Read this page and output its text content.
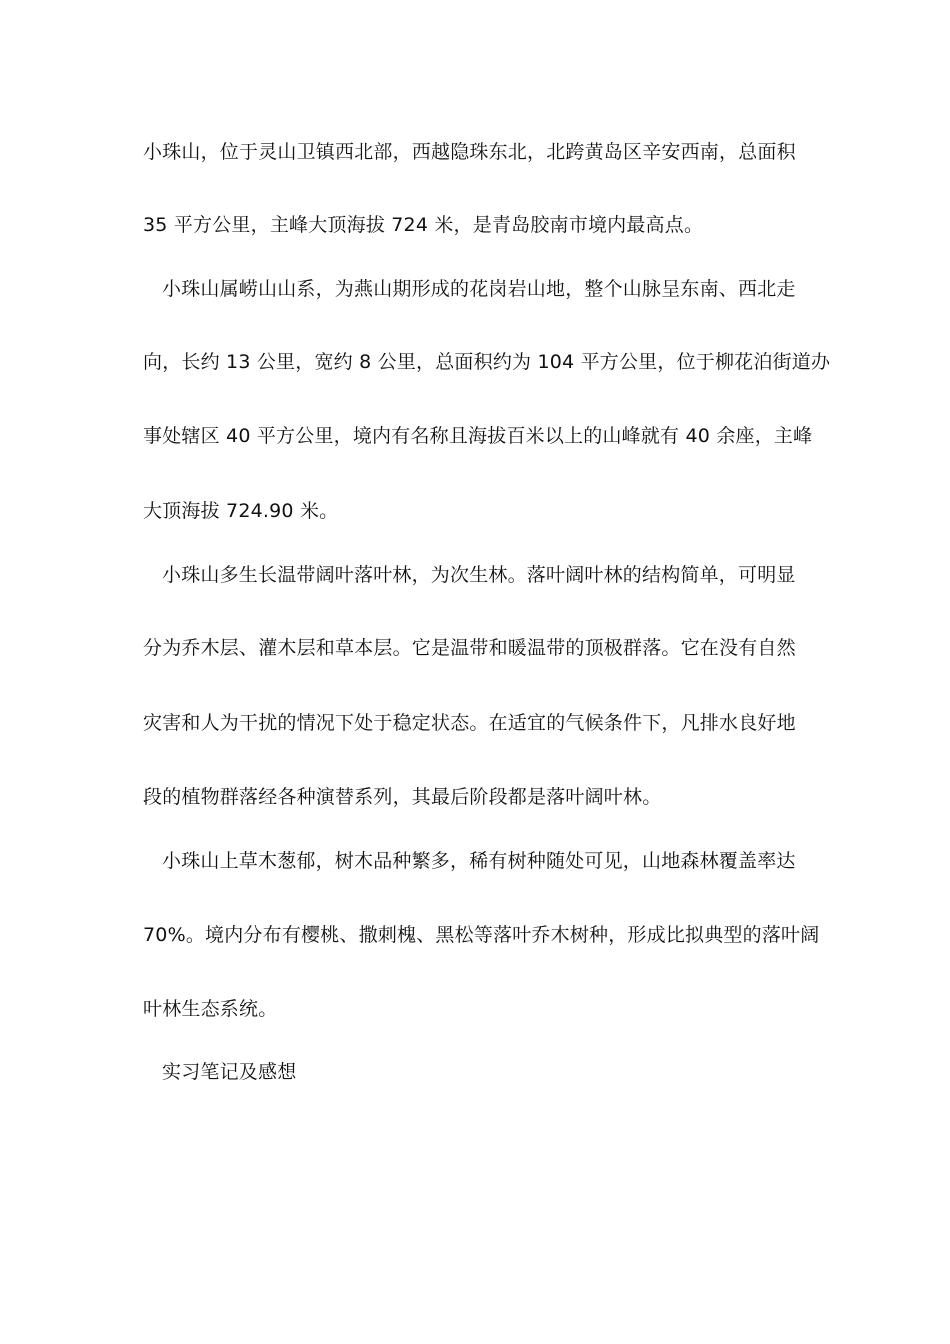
小珠山，位于灵山卫镇西北部，西越隐珠东北，北跨黄岛区辛安西南，总面积
35 平方公里，主峰大顶海拔 724 米，是青岛胶南市境内最高点。
小珠山属崂山山系，为燕山期形成的花岗岩山地，整个山脉呈东南、西北走
向，长约 13 公里，宽约 8 公里，总面积约为 104 平方公里，位于柳花泊街道办
事处辖区 40 平方公里，境内有名称且海拔百米以上的山峰就有 40 余座，主峰
大顶海拔 724.90 米。
小珠山多生长温带阔叶落叶林，为次生林。落叶阔叶林的结构简单，可明显
分为乔木层、灌木层和草本层。它是温带和暖温带的顶极群落。它在没有自然
灾害和人为干扰的情况下处于稳定状态。在适宜的气候条件下，凡排水良好地
段的植物群落经各种演替系列，其最后阶段都是落叶阔叶林。
小珠山上草木葱郁，树木品种繁多，稀有树种随处可见，山地森林覆盖率达
70%。境内分布有樱桃、撒刺槐、黑松等落叶乔木树种，形成比拟典型的落叶阔
叶林生态系统。
实习笔记及感想
